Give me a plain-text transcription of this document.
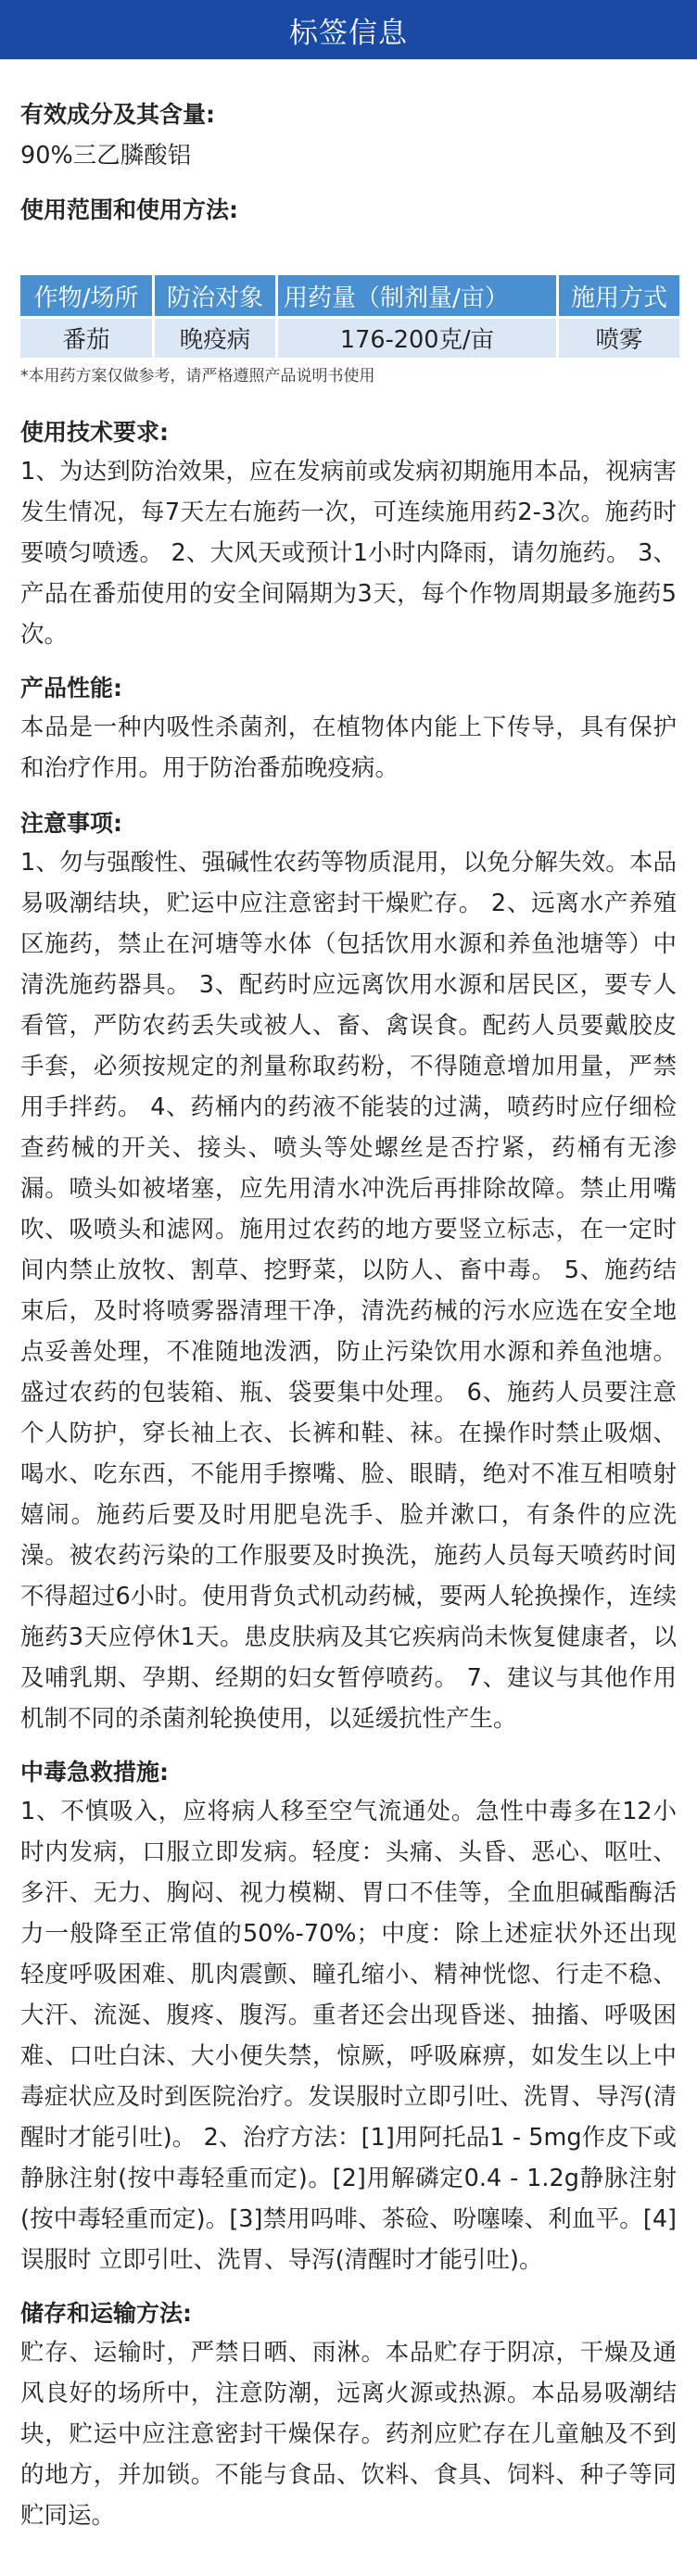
标签信息
有效成分及其含量:
90%三乙膦酸铝
使用范围和使用方法:
作物/场所	防治对象	用药量（制剂量/亩）	施用方式
番茄	晚疫病	176-200克/亩	喷雾
*本用药方案仅做参考，请严格遵照产品说明书使用
使用技术要求:
1、为达到防治效果，应在发病前或发病初期施用本品，视病害发生情况，每7天左右施药一次，可连续施用药2-3次。施药时要喷匀喷透。 2、大风天或预计1小时内降雨，请勿施药。 3、产品在番茄使用的安全间隔期为3天，每个作物周期最多施药5次。
产品性能:
本品是一种内吸性杀菌剂，在植物体内能上下传导，具有保护和治疗作用。用于防治番茄晚疫病。
注意事项:
1、勿与强酸性、强碱性农药等物质混用，以免分解失效。本品易吸潮结块，贮运中应注意密封干燥贮存。 2、远离水产养殖区施药，禁止在河塘等水体（包括饮用水源和养鱼池塘等）中清洗施药器具。 3、配药时应远离饮用水源和居民区，要专人看管，严防农药丢失或被人、畜、禽误食。配药人员要戴胶皮手套，必须按规定的剂量称取药粉，不得随意增加用量，严禁用手拌药。 4、药桶内的药液不能装的过满，喷药时应仔细检查药械的开关、接头、喷头等处螺丝是否拧紧，药桶有无渗漏。喷头如被堵塞，应先用清水冲洗后再排除故障。禁止用嘴吹、吸喷头和滤网。施用过农药的地方要竖立标志，在一定时间内禁止放牧、割草、挖野菜，以防人、畜中毒。 5、施药结束后，及时将喷雾器清理干净，清洗药械的污水应选在安全地点妥善处理，不准随地泼洒，防止污染饮用水源和养鱼池塘。盛过农药的包装箱、瓶、袋要集中处理。 6、施药人员要注意个人防护，穿长袖上衣、长裤和鞋、袜。在操作时禁止吸烟、喝水、吃东西，不能用手擦嘴、脸、眼睛，绝对不准互相喷射嬉闹。施药后要及时用肥皂洗手、脸并漱口，有条件的应洗澡。被农药污染的工作服要及时换洗，施药人员每天喷药时间不得超过6小时。使用背负式机动药械，要两人轮换操作，连续施药3天应停休1天。患皮肤病及其它疾病尚未恢复健康者，以及哺乳期、孕期、经期的妇女暂停喷药。 7、建议与其他作用机制不同的杀菌剂轮换使用，以延缓抗性产生。
中毒急救措施:
1、不慎吸入，应将病人移至空气流通处。急性中毒多在12小时内发病，口服立即发病。轻度：头痛、头昏、恶心、呕吐、多汗、无力、胸闷、视力模糊、胃口不佳等，全血胆碱酯酶活力一般降至正常值的50%-70%；中度：除上述症状外还出现轻度呼吸困难、肌肉震颤、瞳孔缩小、精神恍惚、行走不稳、大汗、流涎、腹疼、腹泻。重者还会出现昏迷、抽搐、呼吸困难、口吐白沫、大小便失禁，惊厥，呼吸麻痹，如发生以上中毒症状应及时到医院治疗。发误服时立即引吐、洗胃、导泻(清醒时才能引吐)。 2、治疗方法：[1]用阿托品1 - 5mg作皮下或静脉注射(按中毒轻重而定)。[2]用解磷定0.4 - 1.2g静脉注射(按中毒轻重而定)。[3]禁用吗啡、茶硷、吩噻嗪、利血平。[4]误服时 立即引吐、洗胃、导泻(清醒时才能引吐)。
储存和运输方法:
贮存、运输时，严禁日晒、雨淋。本品贮存于阴凉，干燥及通风良好的场所中，注意防潮，远离火源或热源。本品易吸潮结块，贮运中应注意密封干燥保存。药剂应贮存在儿童触及不到的地方，并加锁。不能与食品、饮料、食具、饲料、种子等同贮同运。
